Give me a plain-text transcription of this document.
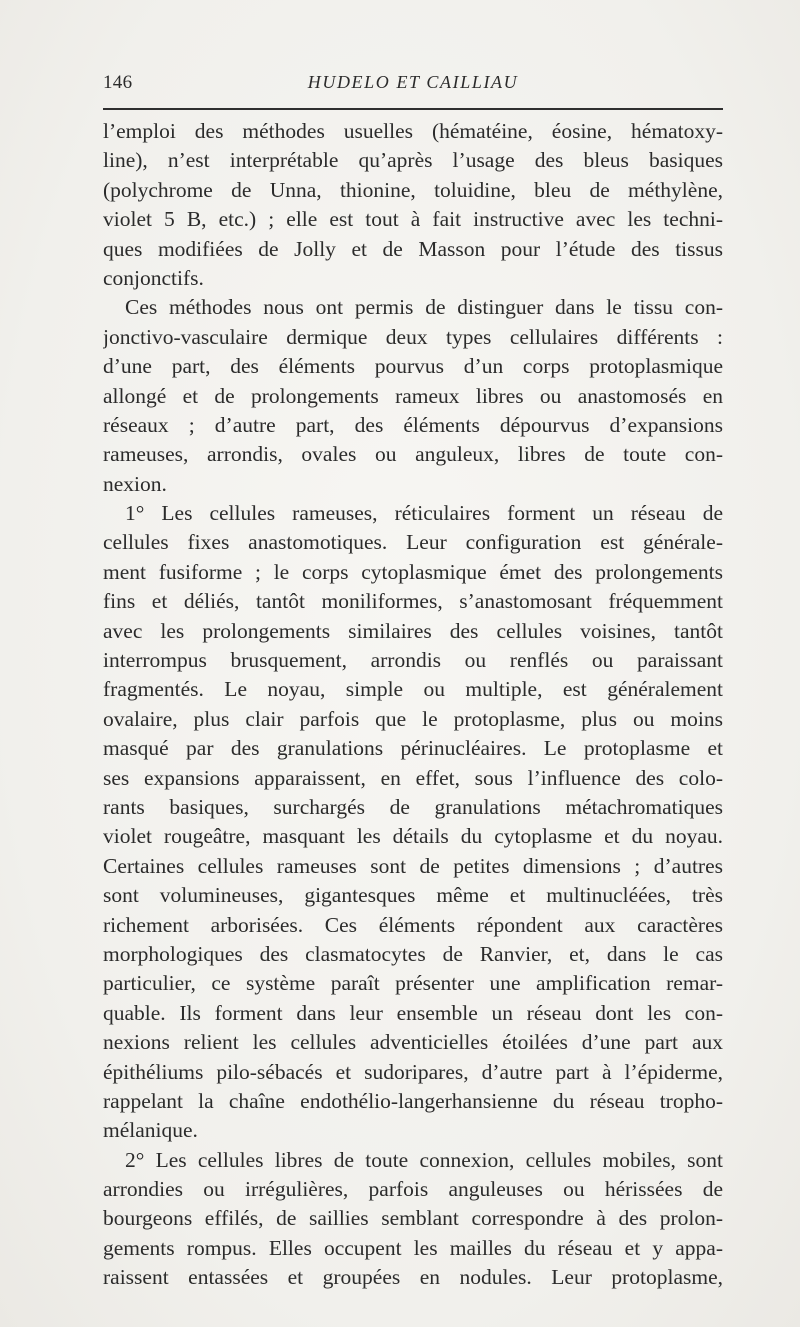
146	HUDELO ET CAILLIAU

l’emploi des méthodes usuelles (hématéine, éosine, hématoxy-
line), n’est interprétable qu’après l’usage des bleus basiques
(polychrome de Unna, thionine, toluidine, bleu de méthylène,
violet 5 B, etc.) ; elle est tout à fait instructive avec les techni-
ques modifiées de Jolly et de Masson pour l’étude des tissus
conjonctifs.

Ces méthodes nous ont permis de distinguer dans le tissu con-
jonctivo-vasculaire dermique deux types cellulaires différents :
d’une part, des éléments pourvus d’un corps protoplasmique
allongé et de prolongements rameux libres ou anastomosés en
réseaux ; d’autre part, des éléments dépourvus d’expansions
rameuses, arrondis, ovales ou anguleux, libres de toute con-
nexion.

1° Les cellules rameuses, réticulaires forment un réseau de
cellules fixes anastomotiques. Leur configuration est générale-
ment fusiforme ; le corps cytoplasmique émet des prolongements
fins et déliés, tantôt moniliformes, s’anastomosant fréquemment
avec les prolongements similaires des cellules voisines, tantôt
interrompus brusquement, arrondis ou renflés ou paraissant
fragmentés. Le noyau, simple ou multiple, est généralement
ovalaire, plus clair parfois que le protoplasme, plus ou moins
masqué par des granulations périnucléaires. Le protoplasme et
ses expansions apparaissent, en effet, sous l’influence des colo-
rants basiques, surchargés de granulations métachromatiques
violet rougeâtre, masquant les détails du cytoplasme et du noyau.
Certaines cellules rameuses sont de petites dimensions ; d’autres
sont volumineuses, gigantesques même et multinucléées, très
richement arborisées. Ces éléments répondent aux caractères
morphologiques des clasmatocytes de Ranvier, et, dans le cas
particulier, ce système paraît présenter une amplification remar-
quable. Ils forment dans leur ensemble un réseau dont les con-
nexions relient les cellules adventicielles étoilées d’une part aux
épithéliums pilo-sébacés et sudoripares, d’autre part à l’épiderme,
rappelant la chaîne endothélio-langerhansienne du réseau tropho-
mélanique.

2° Les cellules libres de toute connexion, cellules mobiles, sont
arrondies ou irrégulières, parfois anguleuses ou hérissées de
bourgeons effilés, de saillies semblant correspondre à des prolon-
gements rompus. Elles occupent les mailles du réseau et y appa-
raissent entassées et groupées en nodules. Leur protoplasme,
